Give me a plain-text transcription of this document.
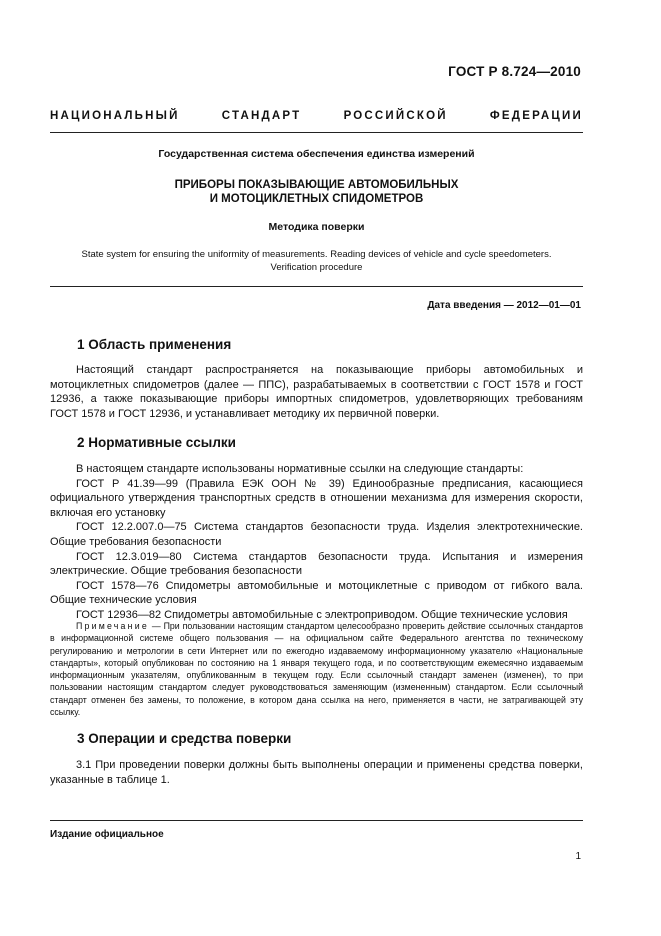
ГОСТ Р 8.724—2010
НАЦИОНАЛЬНЫЙ	СТАНДАРТ	РОССИЙСКОЙ	ФЕДЕРАЦИИ
Государственная система обеспечения единства измерений
ПРИБОРЫ ПОКАЗЫВАЮЩИЕ АВТОМОБИЛЬНЫХ
И МОТОЦИКЛЕТНЫХ СПИДОМЕТРОВ
Методика поверки
State system for ensuring the uniformity of measurements. Reading devices of vehicle and cycle speedometers.
Verification procedure
Дата введения — 2012—01—01
1 Область применения
Настоящий стандарт распространяется на показывающие приборы автомобильных и мотоциклетных спидометров (далее — ППС), разрабатываемых в соответствии с ГОСТ 1578 и ГОСТ 12936, а также показывающие приборы импортных спидометров, удовлетворяющих требованиям ГОСТ 1578 и ГОСТ 12936, и устанавливает методику их первичной поверки.
2 Нормативные ссылки
В настоящем стандарте использованы нормативные ссылки на следующие стандарты:
ГОСТ Р 41.39—99 (Правила ЕЭК ООН № 39) Единообразные предписания, касающиеся официального утверждения транспортных средств в отношении механизма для измерения скорости, включая его установку
ГОСТ 12.2.007.0—75 Система стандартов безопасности труда. Изделия электротехнические. Общие требования безопасности
ГОСТ 12.3.019—80 Система стандартов безопасности труда. Испытания и измерения электрические. Общие требования безопасности
ГОСТ 1578—76 Спидометры автомобильные и мотоциклетные с приводом от гибкого вала. Общие технические условия
ГОСТ 12936—82 Спидометры автомобильные с электроприводом. Общие технические условия
Примечание — При пользовании настоящим стандартом целесообразно проверить действие ссылочных стандартов в информационной системе общего пользования — на официальном сайте Федерального агентства по техническому регулированию и метрологии в сети Интернет или по ежегодно издаваемому информационному указателю «Национальные стандарты», который опубликован по состоянию на 1 января текущего года, и по соответствующим ежемесячно издаваемым информационным указателям, опубликованным в текущем году. Если ссылочный стандарт заменен (изменен), то при пользовании настоящим стандартом следует руководствоваться заменяющим (измененным) стандартом. Если ссылочный стандарт отменен без замены, то положение, в котором дана ссылка на него, применяется в части, не затрагивающей эту ссылку.
3 Операции и средства поверки
3.1 При проведении поверки должны быть выполнены операции и применены средства поверки, указанные в таблице 1.
Издание официальное
1
